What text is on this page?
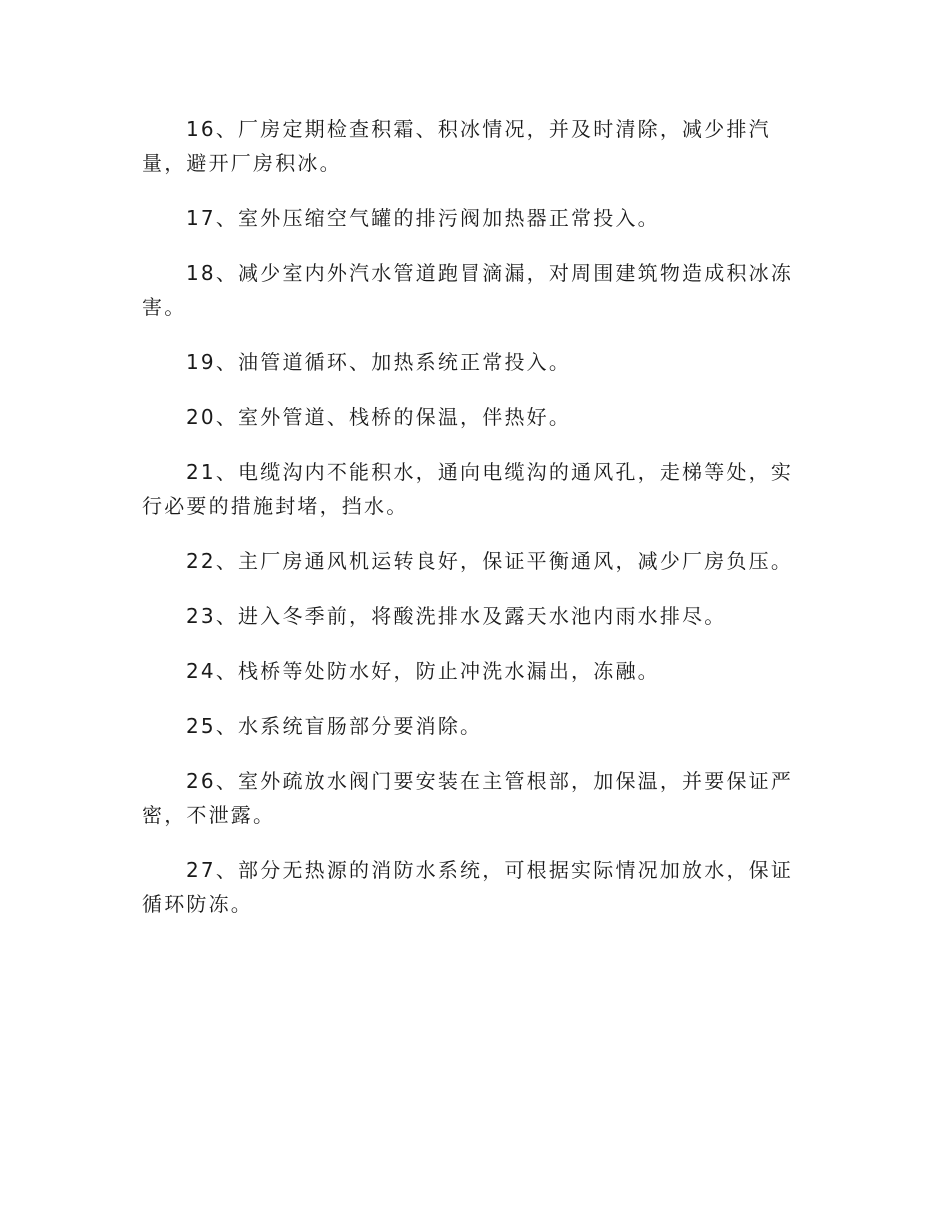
16、厂房定期检查积霜、积冰情况，并及时清除，减少排汽量，避开厂房积冰。

17、室外压缩空气罐的排污阀加热器正常投入。

18、减少室内外汽水管道跑冒滴漏，对周围建筑物造成积冰冻害。

19、油管道循环、加热系统正常投入。

20、室外管道、栈桥的保温，伴热好。

21、电缆沟内不能积水，通向电缆沟的通风孔，走梯等处，实行必要的措施封堵，挡水。

22、主厂房通风机运转良好，保证平衡通风，减少厂房负压。

23、进入冬季前，将酸洗排水及露天水池内雨水排尽。

24、栈桥等处防水好，防止冲洗水漏出，冻融。

25、水系统盲肠部分要消除。

26、室外疏放水阀门要安装在主管根部，加保温，并要保证严密，不泄露。

27、部分无热源的消防水系统，可根据实际情况加放水，保证循环防冻。
